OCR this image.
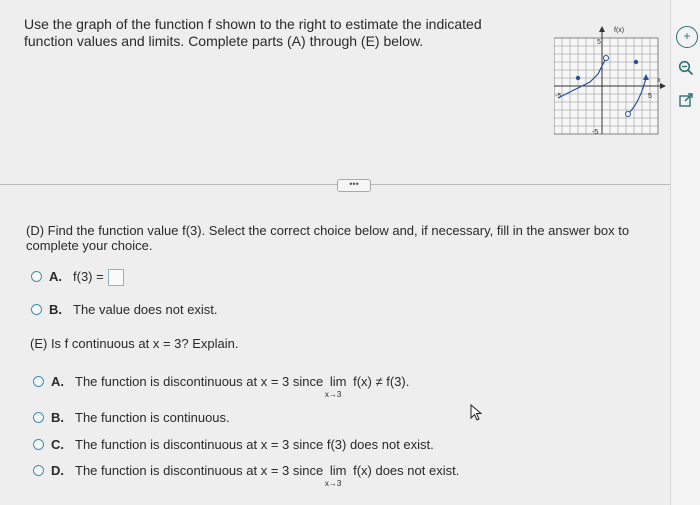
Use the graph of the function f shown to the right to estimate the indicated
function values and limits. Complete parts (A) through (E) below.
f(x)
x
5
-5
-5	5
•••
(D) Find the function value f(3). Select the correct choice below and, if necessary, fill in the answer box to
complete your choice.
A. f(3) =
B. The value does not exist.
(E) Is f continuous at x = 3? Explain.
A. The function is discontinuous at x = 3 since lim
x→3
f(x) ≠ f(3).
B. The function is continuous.
C. The function is discontinuous at x = 3 since f(3) does not exist.
D. The function is discontinuous at x = 3 since lim
x→3
f(x) does not exist.
+
